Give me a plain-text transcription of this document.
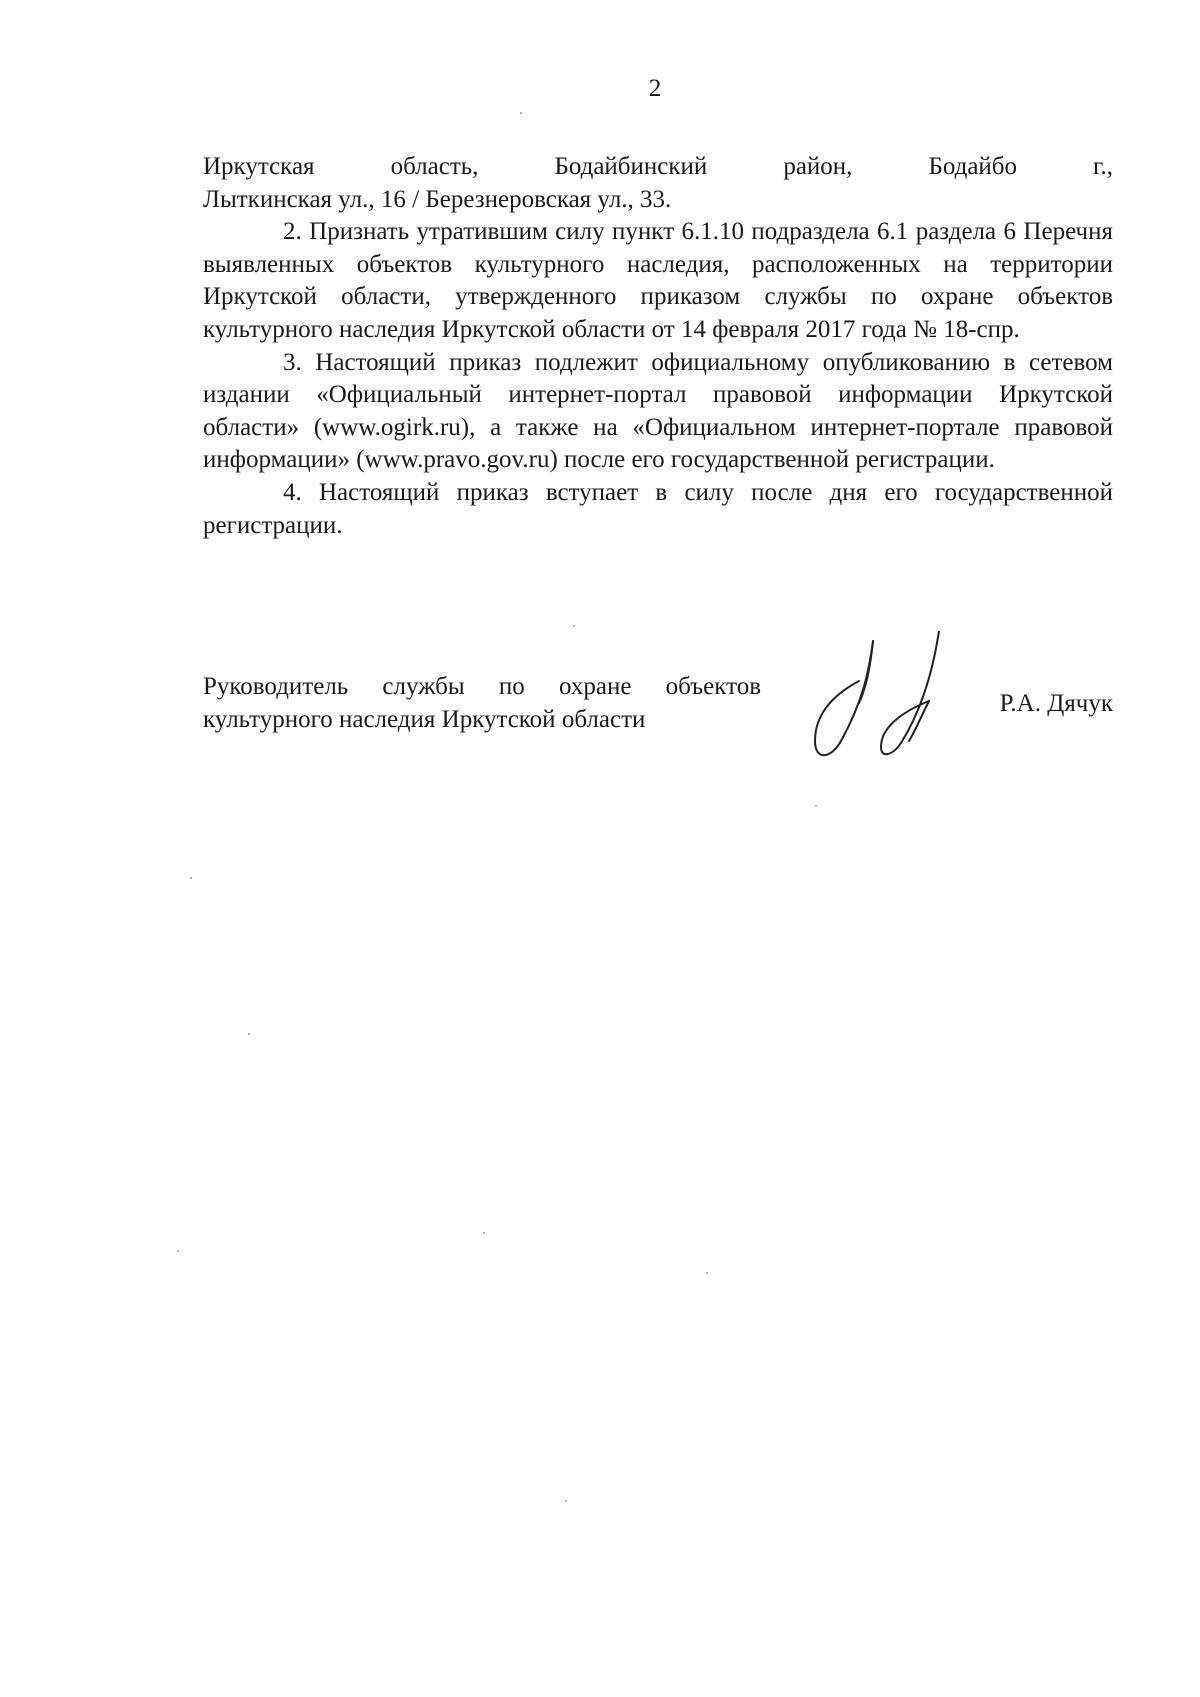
2

Иркутская область, Бодайбинский район, Бодайбо г.,

Лыткинская ул., 16 / Березнеровская ул., 33.

2. Признать утратившим силу пункт 6.1.10 подраздела 6.1 раздела 6 Перечня выявленных объектов культурного наследия, расположенных на территории Иркутской области, утвержденного приказом службы по охране объектов культурного наследия Иркутской области от 14 февраля 2017 года № 18-спр.

3. Настоящий приказ подлежит официальному опубликованию в сетевом издании «Официальный интернет-портал правовой информации Иркутской области» (www.ogirk.ru), а также на «Официальном интернет-портале правовой информации» (www.pravo.gov.ru) после его государственной регистрации.

4. Настоящий приказ вступает в силу после дня его государственной регистрации.

Руководитель службы по охране объектов
культурного наследия Иркутской области
Р.А. Дячук
